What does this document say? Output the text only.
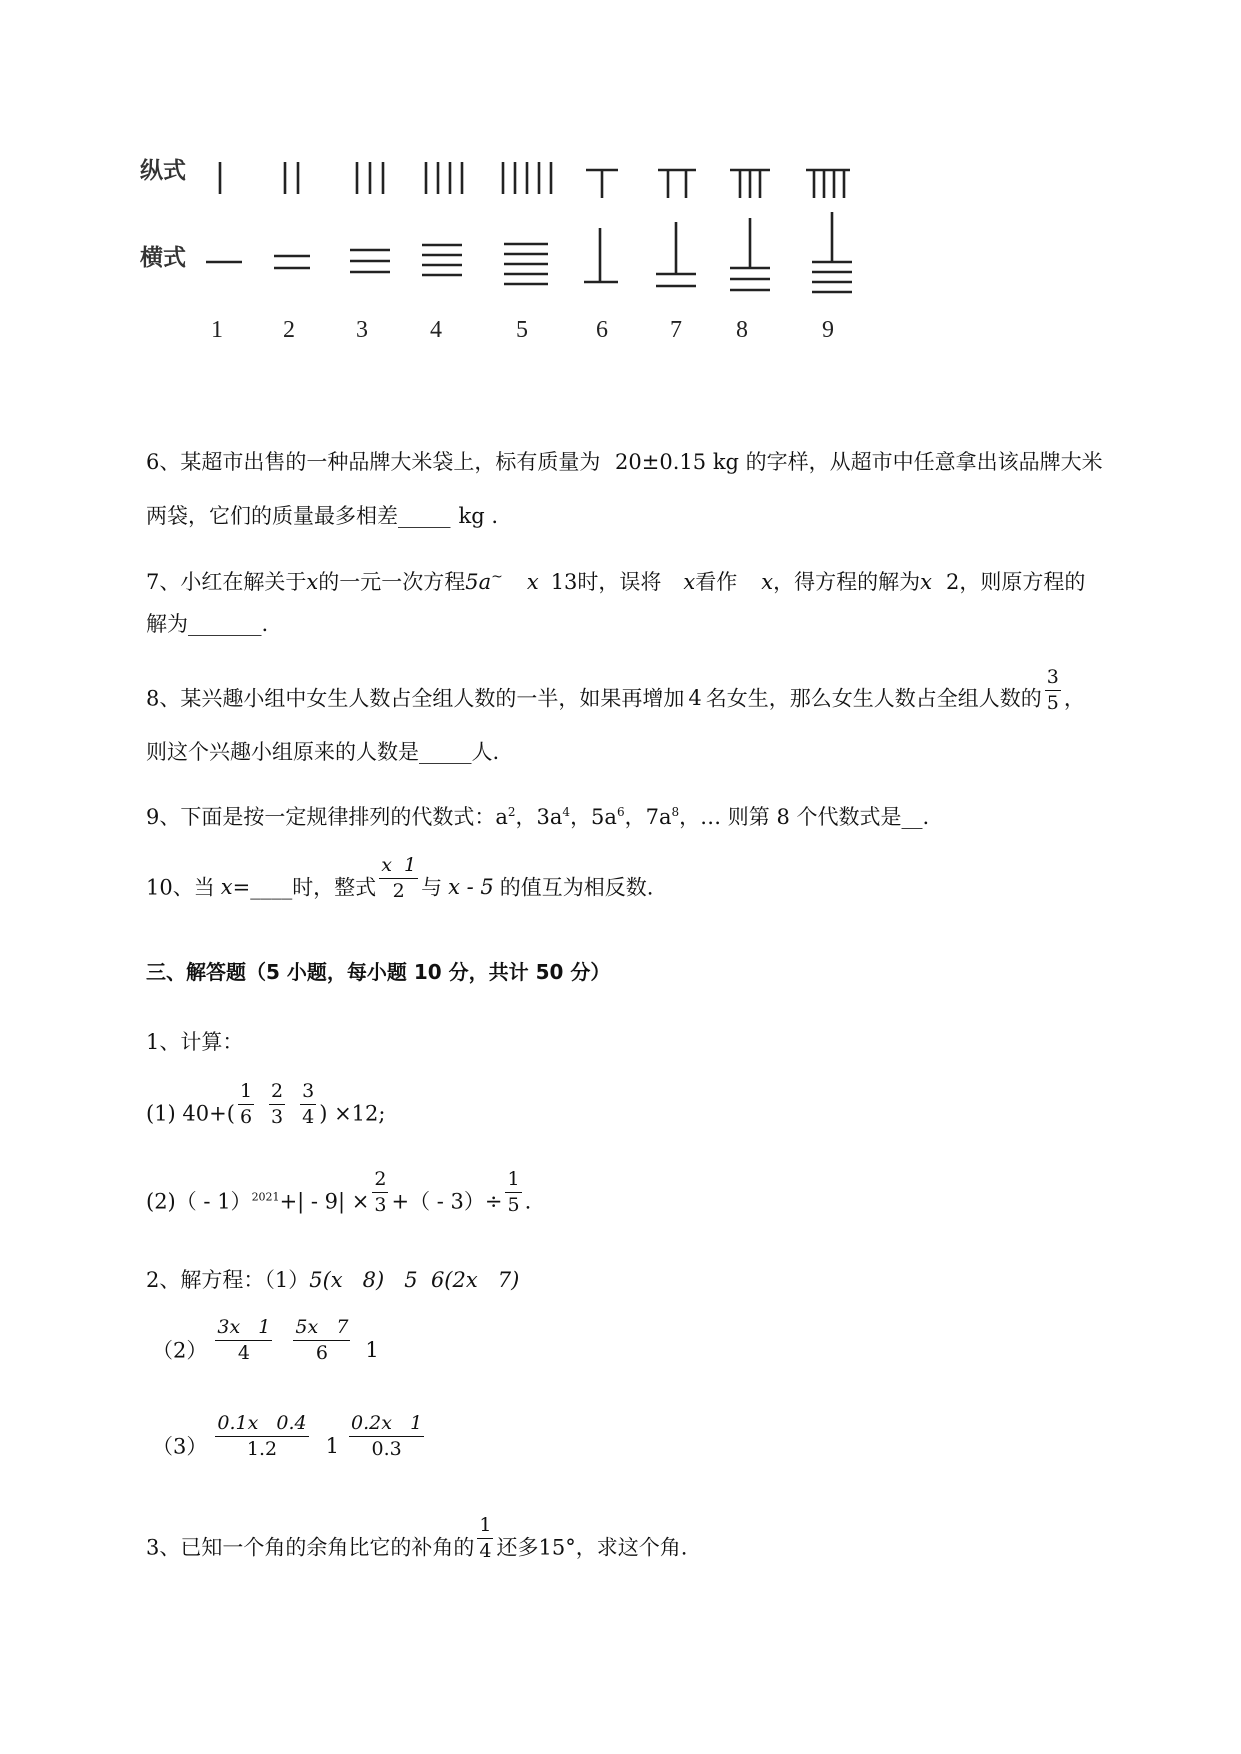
纵式
横式
1	2	3	4	5	6	7 8	9
6、某超市出售的一种品牌大米袋上，标有质量为 20±0.15 kg 的字样，从超市中任意拿出该品牌大米
两袋，它们的质量最多相差_____ kg .
7、小红在解关于x的一元一次方程5a~ x 13时，误将 x看作 x，得方程的解为x 2，则原方程的
解为_______.
8、某兴趣小组中女生人数占全组人数的一半，如果再增加 4 名女生，那么女生人数占全组人数的 $\frac{3}{5}$ ，
则这个兴趣小组原来的人数是_____人.
9、下面是按一定规律排列的代数式：$a^2$，$3a^4$，$5a^6$，$7a^8$，… 则第 8 个代数式是__.
10、当 x=____时，整式 $\frac{x 1}{2}$ 与 x - 5 的值互为相反数.
三、解答题（5 小题，每小题 10 分，共计 50 分）
1、计算：
(1) $40+( \frac{1}{6} \frac{2}{3} \frac{3}{4}$ ) ×12;
$(2)( - 1)^{2021}+| - 9| \times \frac{2}{3}$ +（ - $3)\div \frac{1}{5}$ .
2、解方程：（1）5(x   8)   5  6(2x   7)
$(2) \frac{3x 1}{4} \frac{5x 7}{6} 1$
$(3) \frac{0.1x 0.4}{1.2} 1 \frac{0.2x 1}{0.3}$
3、已知一个角的余角比它的补角的 $\frac{1}{4}$ 还多15°，求这个角.
